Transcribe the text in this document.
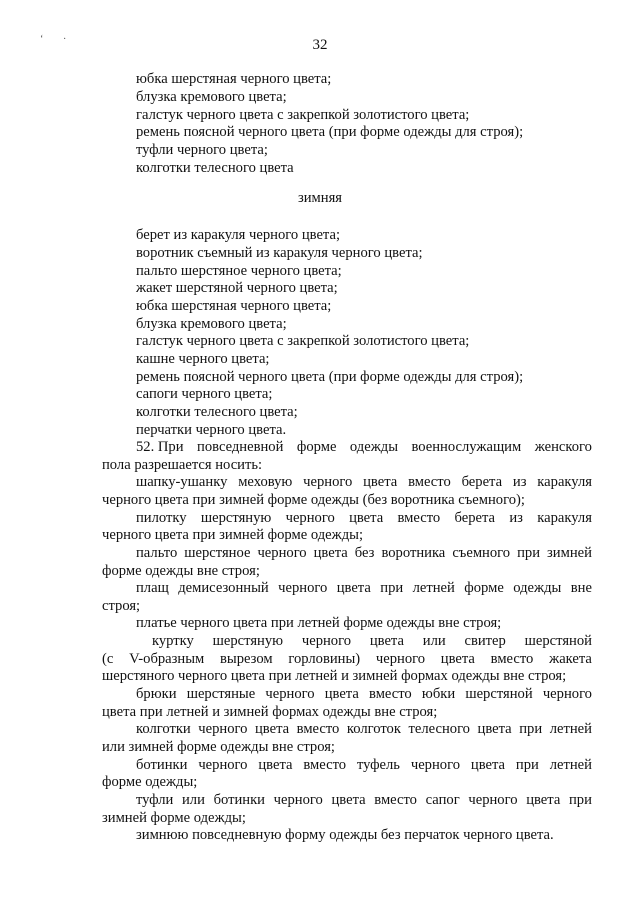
‘ ·	32

юбка шерстяная черного цвета;

блузка кремового цвета;

галстук черного цвета с закрепкой золотистого цвета;

ремень поясной черного цвета (при форме одежды для строя);

туфли черного цвета;

колготки телесного цвета

зимняя

берет из каракуля черного цвета;

воротник съемный из каракуля черного цвета;

пальто шерстяное черного цвета;

жакет шерстяной черного цвета;

юбка шерстяная черного цвета;

блузка кремового цвета;

галстук черного цвета с закрепкой золотистого цвета;

кашне черного цвета;

ремень поясной черного цвета (при форме одежды для строя);

сапоги черного цвета;

колготки телесного цвета;

перчатки черного цвета.

52. При повседневной форме одежды военнослужащим женского

пола разрешается носить:

шапку-ушанку меховую черного цвета вместо берета из каракуля

черного цвета при зимней форме одежды (без воротника съемного);

пилотку шерстяную черного цвета вместо берета из каракуля

черного цвета при зимней форме одежды;

пальто шерстяное черного цвета без воротника съемного при зимней

форме одежды вне строя;

плащ демисезонный черного цвета при летней форме одежды вне

строя;

платье черного цвета при летней форме одежды вне строя;

куртку шерстяную черного цвета или свитер шерстяной
(с V-образным вырезом горловины) черного цвета вместо жакета

шерстяного черного цвета при летней и зимней формах одежды вне строя;

брюки шерстяные черного цвета вместо юбки шерстяной черного

цвета при летней и зимней формах одежды вне строя;

колготки черного цвета вместо колготок телесного цвета при летней

или зимней форме одежды вне строя;

ботинки черного цвета вместо туфель черного цвета при летней

форме одежды;

туфли или ботинки черного цвета вместо сапог черного цвета при

зимней форме одежды;

зимнюю повседневную форму одежды без перчаток черного цвета.
